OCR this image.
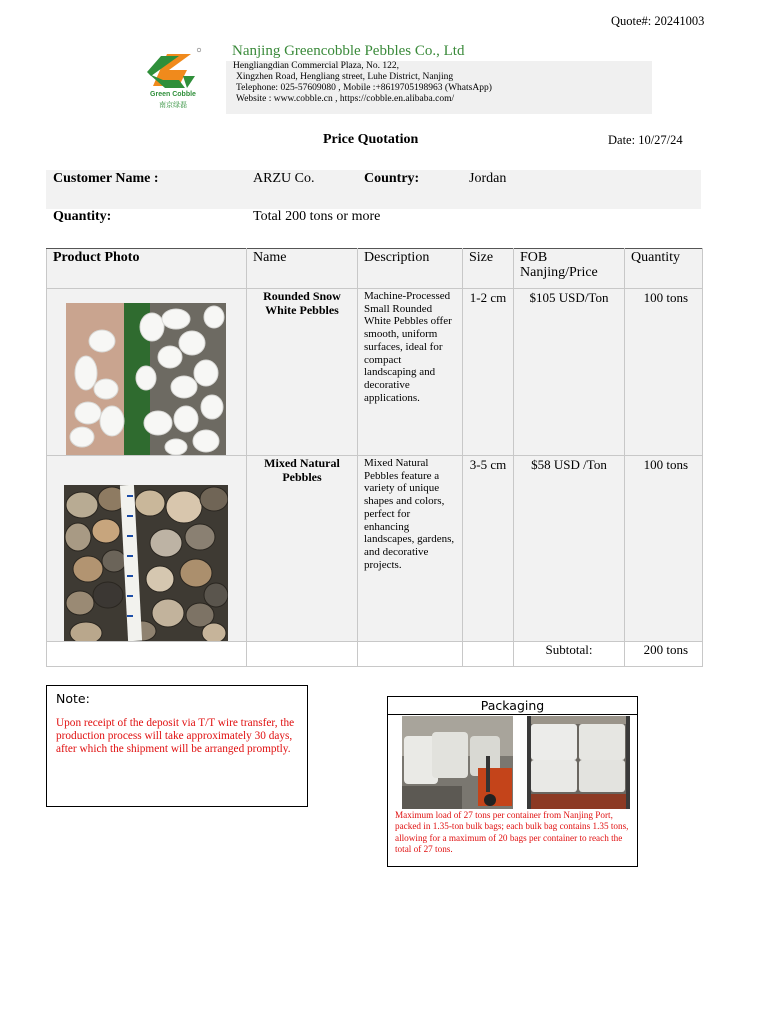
Quote#: 20241003
Green Cobble
南京绿磊
Nanjing Greencobble Pebbles Co., Ltd
Hengliangdian Commercial Plaza, No. 122,
Xingzhen Road, Hengliang street, Luhe District, Nanjing
Telephone: 025-57609080 , Mobile :+8619705198963 (WhatsApp)
Website : www.cobble.cn , https://cobble.en.alibaba.com/
Price Quotation	Date: 10/27/24
Customer Name :	ARZU Co.	Country:	Jordan
Quantity:	Total 200 tons or more
Product Photo	Name	Description	Size	FOB Nanjing/Price	Quantity

	Rounded Snow White Pebbles	Machine-Processed Small Rounded White Pebbles offer smooth, uniform surfaces, ideal for compact landscaping and decorative applications.	1-2 cm	$105 USD/Ton	100 tons

	Mixed Natural Pebbles	Mixed Natural Pebbles feature a variety of unique shapes and colors, perfect for enhancing landscapes, gardens, and decorative projects.	3-5 cm	$58 USD /Ton	100 tons

				Subtotal:	200 tons
Note:
Upon receipt of the deposit via T/T wire transfer, the production process will take approximately 30 days, after which the shipment will be arranged promptly.
Packaging
Maximum load of 27 tons per container from Nanjing Port, packed in 1.35-ton bulk bags; each bulk bag contains 1.35 tons, allowing for a maximum of 20 bags per container to reach the total of 27 tons.
